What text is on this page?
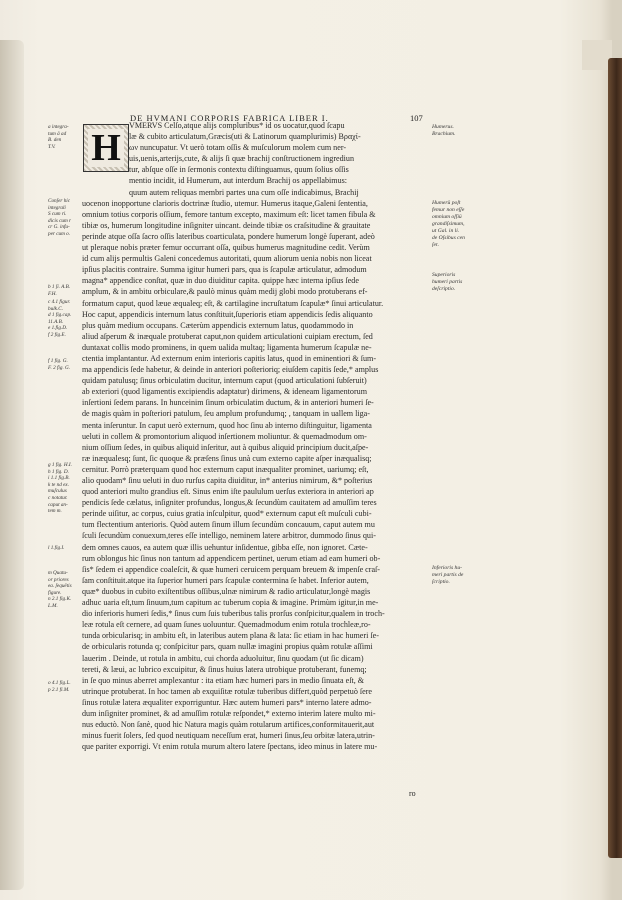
DE HVMANI CORPORIS FABRICA LIBER I.	107
VMERVS Celſo,atque alijs compluribus* id os uocatur,quod ſcapu
læ & cubito articulatum,Græcis(uti & Latinorum quamplurimis) Bραχί-
ων nuncupatur. Vt uerò totam oſſis & muſculorum molem cum ner-
uis,uenis,arterijs,cute, & alijs ſi quæ brachij conſtructionem ingrediun
tur, abſque oſſe in ſermonis contextu diſtinguamus, quum ſolius oſſis
mentio incidit, id Humerum, aut interdum Brachij os appellabimus:
quum autem reliquas membri partes una cum oſſe indicabimus, Brachij
uocenon inopportune clarioris doctrinæ ſtudio, utemur. Humerus itaque,Galeni ſententia,
omnium totius corporis oſſium, femore tantum excepto, maximum eſt: licet tamen fibula &
tibiæ os, humerum longitudine inſigniter uincant. deinde tibiæ os craſsitudine & grauitate
perinde atque oſſa ſacro oſſis lateribus coarticulata, pondere humerum longè ſuperant, adeò
ut pleraque nobis præter femur occurrant oſſa, quibus humerus magnitudine cedit. Verùm
id cum alijs permultis Galeni concedemus autoritati, quum aliorum uenia nobis non liceat
ipſius placitis contraire. Summa igitur humeri pars, qua is ſcapulæ articulatur, admodum
magna* appendice conſtat, quæ in duo diuiditur capita. quippe hæc interna ipſius ſede
amplum, & in ambitu orbiculare,& paulò minus quàm medij globi modo protuberans ef-
formatum caput, quod læue æqualeq; eſt, & cartilagine incruſtatum ſcapulæ* ſinui articulatur.
Hoc caput, appendicis internum latus conſtituit,ſuperioris etiam appendicis ſedis aliquanto
plus quàm medium occupans. Cæterùm appendicis externum latus, quodammodo in
aliud aſperum & inæquale protuberat caput,non quidem articulationi cuipiam erectum, ſed
duntaxat collis modo prominens, in quem ualida multaq; ligamenta humerum ſcapulæ ne-
ctentia implantantur. Ad externum enim interioris capitis latus, quod in eminentiori & ſum-
ma appendicis ſede habetur, & deinde in anteriori poſterioriq; eiuſdem capitis ſede,* amplus
quidam patulusq; ſinus orbiculatim ducitur, internum caput (quod articulationi ſubſeruit)
ab exteriori (quod ligamentis excipiendis adaptatur) dirimens, & ideneam ligamentorum
inſertioni ſedem parans. In hunceinim ſinum orbiculatim ductum, & in anteriori humeri ſe-
de magis quàm in poſteriori patulum, ſeu amplum profundumq; , tanquam in uallem liga-
menta inſeruntur. In caput uerò externum, quod hoc ſinu ab interno diſtinguitur, ligamenta
ueluti in collem & promontorium aliquod inſertionem moliuntur. & quemadmodum om-
nium oſſium ſedes, in quibus aliquid inſeritur, aut à quibus aliquid principium ducit,aſpe-
ræ inæqualesq; ſunt, ſic quoque & præſens ſinus unà cum externo capite aſper inæqualisq;
cernitur. Porrò præterquam quod hoc externum caput inæqualiter prominet, uariumq; eſt,
alio quodam* ſinu ueluti in duo rurſus capita diuiditur, in* anterius nimirum, &* poſterius
quod anteriori multo grandius eſt. Sinus enim iſte paululum uerſus exteriora in anteriori ap
pendicis ſede cælatus, inſigniter profundus, longus,& ſecundùm cauitatem ad amuſſim teres
perinde uiſitur, ac corpus, cuius gratia inſculpitur, quod* externum caput eſt muſculi cubi-
tum flectentium anterioris. Quòd autem ſinum illum ſecundùm concauum, caput autem mu
ſculi ſecundùm conuexum,teres eſſe intelligo, neminem latere arbitror, dummodo ſinus qui-
dem omnes cauos, ea autem quæ illis uehuntur inſidentue, gibba eſſe, non ignoret. Cæte-
rum oblongus hic ſinus non tantum ad appendicem pertinet, uerum etiam ad eam humeri ob-
ſis* ſedem ei appendice coaleſcit, & quæ humeri ceruicem perquam breuem & impenſe craſ-
ſam conſtituit.atque ita ſuperior humeri pars ſcapulæ contermina ſe habet. Inferior autem,
quæ* duobus in cubito exiſtentibus oſſibus,ulnæ nimirum & radio articulatur,longè magis
adhuc uaria eſt,tum ſinuum,tum capitum ac tuberum copia & imagine. Primùm igitur,in me-
dio inferioris humeri ſedis,* ſinus cum ſuis tuberibus talis prorſus conſpicitur,qualem in troch-
leæ rotula eſt cernere, ad quam ſunes uoluuntur. Quemadmodum enim rotula trochleæ,ro-
tunda orbicularisq; in ambitu eſt, in lateribus autem plana & lata: ſic etiam in hac humeri ſe-
de orbicularis rotunda q; conſpicitur pars, quam nullæ imagini propius quàm rotulæ aſſimi
lauerim . Deinde, ut rotula in ambitu, cui chorda aduoluitur, ſinu quodam (ut ſic dicam)
tereti, & læui, ac lubrico excuipitur, & ſinus huius latera utrobique protuberant, funemq;
in ſe quo minus aberret amplexantur : ita etiam hæc humeri pars in medio ſinuata eſt, &
utrinque protuberat. In hoc tamen ab exquiſitæ rotulæ tuberibus differt,quòd perpetuò ſere
ſinus rotulæ latera æqualiter exporriguntur. Hæc autem humeri pars* interno latere admo-
dum inſigniter prominet, & ad amuſſim rotulæ reſpondet,* externo interim latere multo mi-
nus eductò. Non ſanè, quod hic Natura magis quàm rotularum artifices,conformitauerit,aut
minus fuerit ſolers, ſed quod neutiquam neceſſum erat, humeri ſinus,ſeu orbitæ latera,utrin-
que pariter exporrigi. Vt enim rotula murum altero latere ſpectans, ideo minus in latere mu-
H
a integra-
tum â ad
B. den
T.V.
Conſer hic
integrali
S cum ri.
dicis cum r
cr G. infu-
per cum o.
b 1 ſi. A.B.
F.H.
c 4.1 figur.
bulk.C.
d 1 fig.cap.
11.A.B.
e 1.fig.D.
f 2 fig.E.
f 1 fig. G.
F. 2 fig. G.
g 1 fig. H.I.
h 1 fig. D.
i 1.1 fig.B.
k te nd ex.
muſculus
c notatur.
caput an-
tem m.
l 1.fig.I.
m Quatu-
or priores
ea. ſequētis
figure.
n 2.1 fig.K.
L.M.
o 4.1 fig.L.
p 2.1 fi.M.
Humerus.
Brachium.
Humerū poſt
femur non eſſe
omnium oſſiū
grandiſsimum,
ut Gal. in li.
de Oſsibus cen
ſet.
Superioris
humeri partis
deſcriptio.
Inferioris hu-
meri partis de
ſcriptio.
ro
